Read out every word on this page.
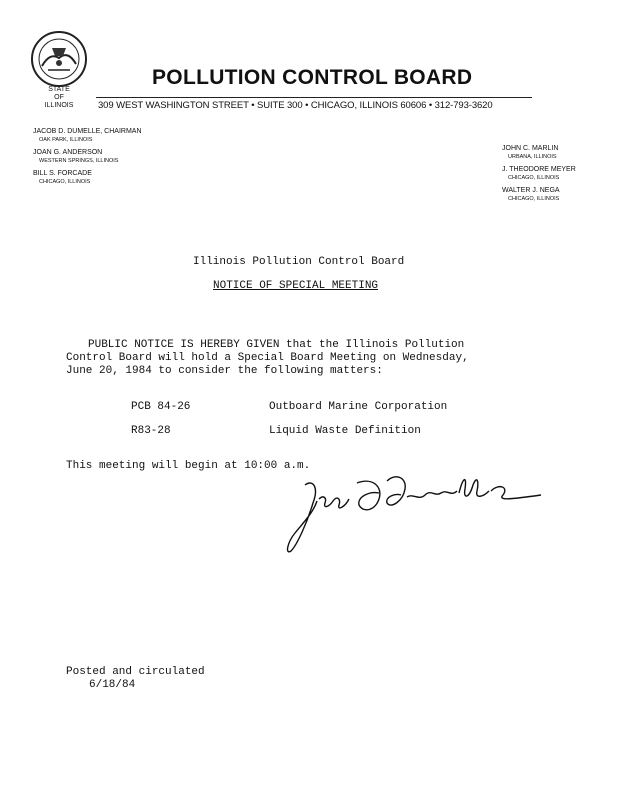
STATE
OF
ILLINOIS
POLLUTION CONTROL BOARD
309 WEST WASHINGTON STREET • SUITE 300 • CHICAGO, ILLINOIS 60606 • 312-793-3620
JACOB D. DUMELLE, CHAIRMAN
OAK PARK, ILLINOIS
JOAN G. ANDERSON
WESTERN SPRINGS, ILLINOIS
BILL S. FORCADE
CHICAGO, ILLINOIS
JOHN C. MARLIN
URBANA, ILLINOIS
J. THEODORE MEYER
CHICAGO, ILLINOIS
WALTER J. NEGA
CHICAGO, ILLINOIS
Illinois Pollution Control Board
NOTICE OF SPECIAL MEETING
PUBLIC NOTICE IS HEREBY GIVEN that the Illinois Pollution
Control Board will hold a Special Board Meeting on Wednesday,
June 20, 1984 to consider the following matters:
PCB 84-26	Outboard Marine Corporation
R83-28	Liquid Waste Definition
This meeting will begin at 10:00 a.m.
Posted and circulated
6/18/84
